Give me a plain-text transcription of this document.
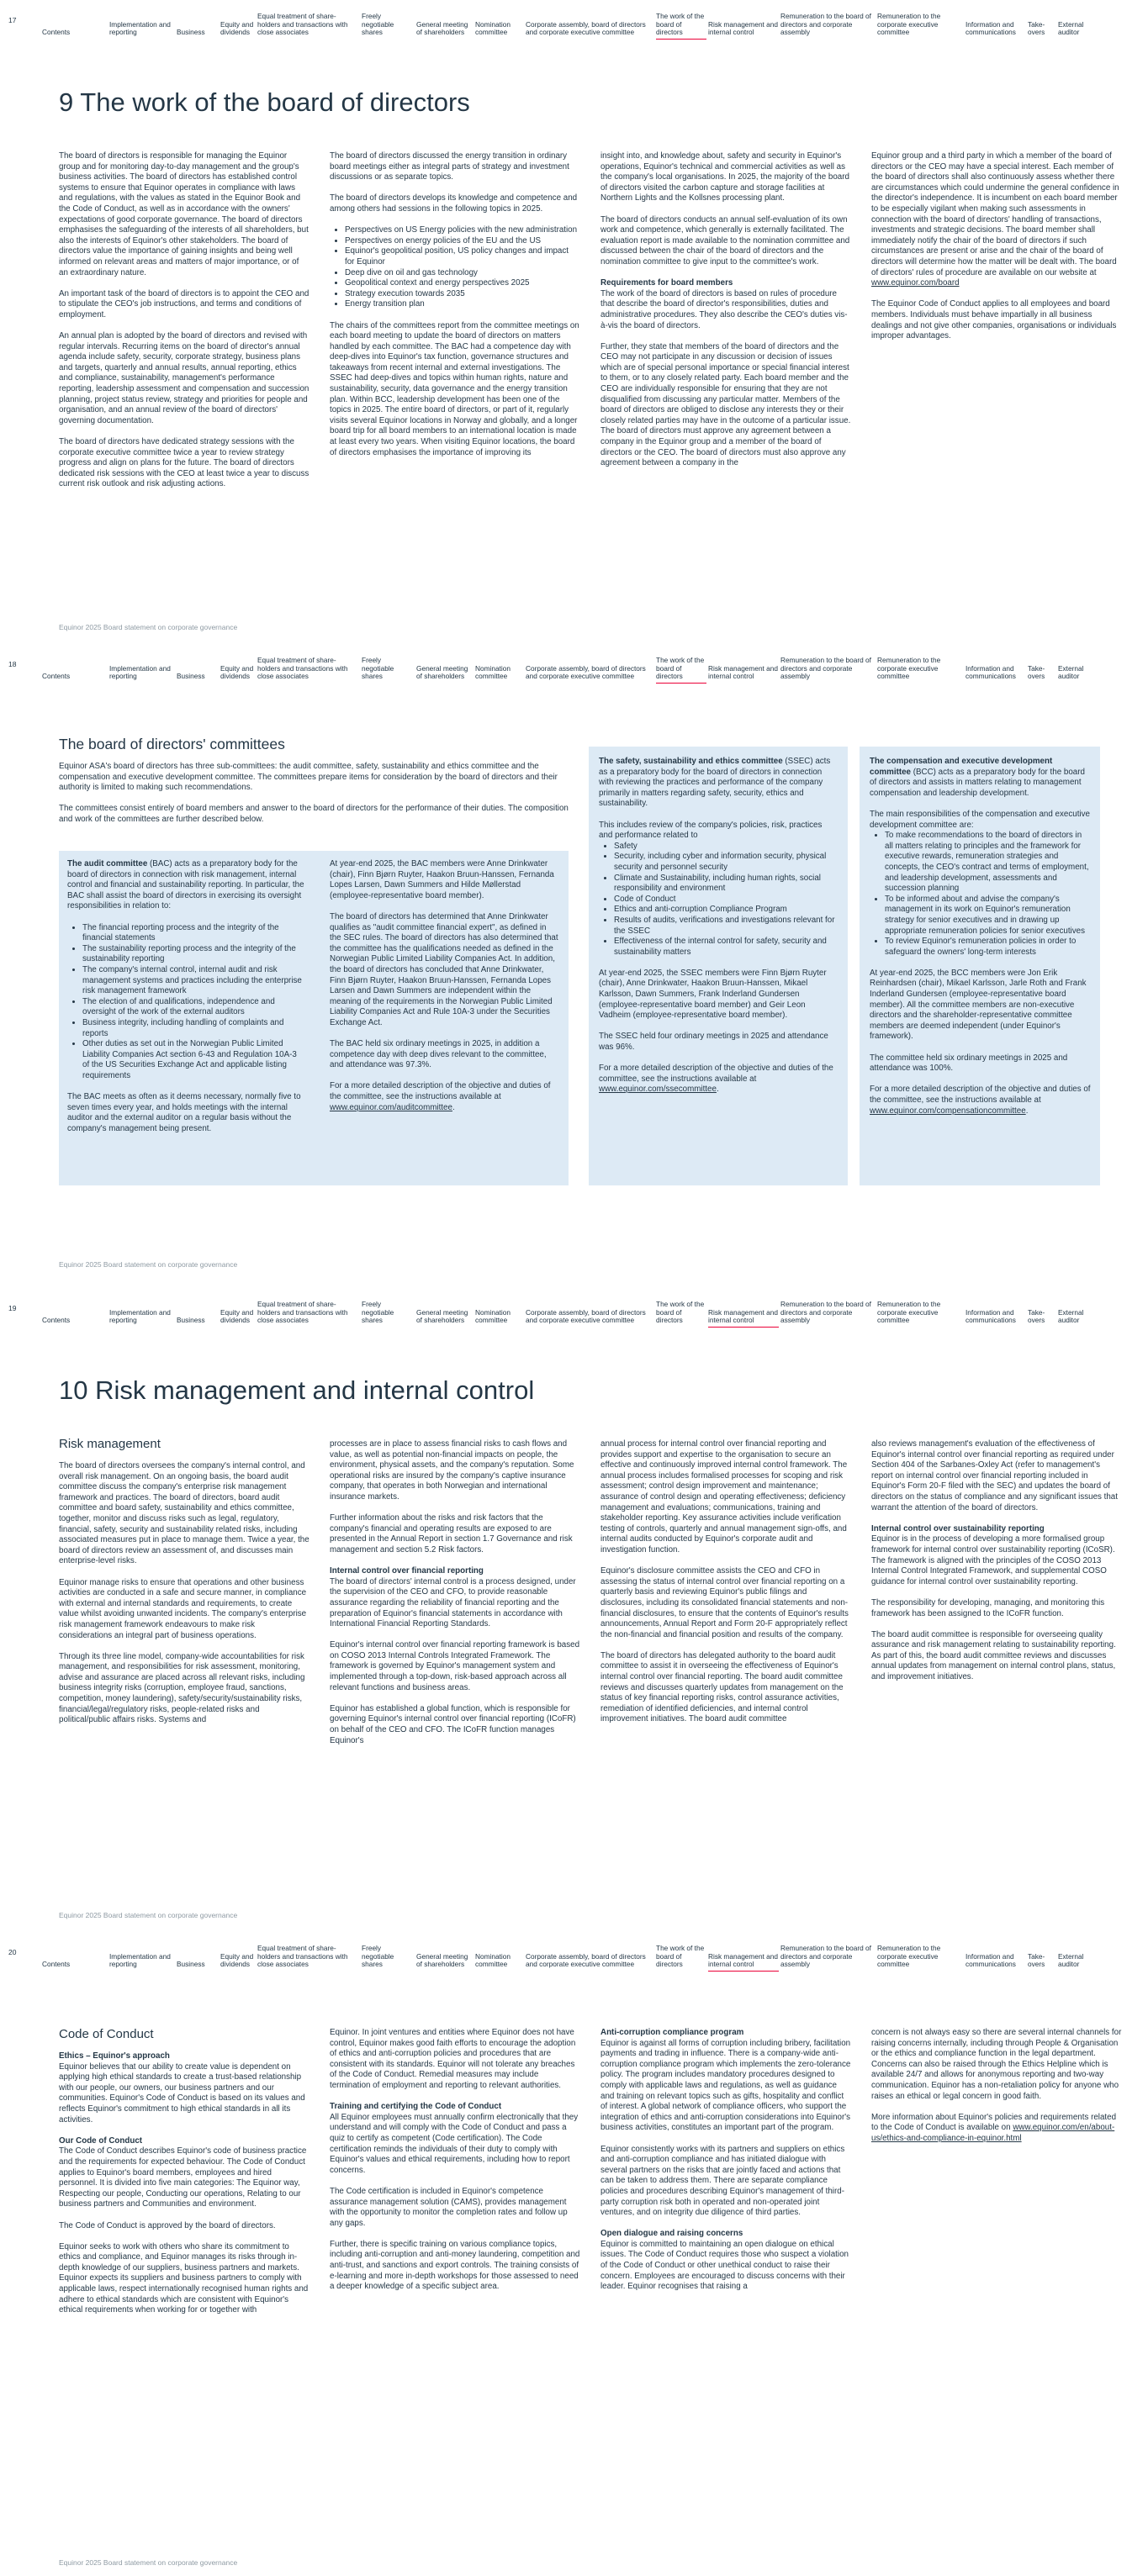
17
Contents
Implementation and reporting	Business
Equity and dividends
Equal treatment of share-holders and transactions with close associates
Freely negotiable shares
General meeting of shareholders
Nomination committee
Corporate assembly, board of directors and corporate executive committee
The work of the board of directors
Risk management and internal control
Remuneration to the board of directors and corporate assembly
Remuneration to the corporate executive committee
Information and communications
Take-overs
External auditor
9 The work of the board of directors

The board of directors is responsible for managing the Equinor group and for monitoring day-to-day management and the group's business activities. The board of directors has established control systems to ensure that Equinor operates in compliance with laws and regulations, with the values as stated in the Equinor Book and the Code of Conduct, as well as in accordance with the owners' expectations of good corporate governance. The board of directors emphasises the safeguarding of the interests of all shareholders, but also the interests of Equinor's other stakeholders. The board of directors value the importance of gaining insights and being well informed on relevant areas and matters of major importance, or of an extraordinary nature.

An important task of the board of directors is to appoint the CEO and to stipulate the CEO's job instructions, and terms and conditions of employment.

An annual plan is adopted by the board of directors and revised with regular intervals. Recurring items on the board of director's annual agenda include safety, security, corporate strategy, business plans and targets, quarterly and annual results, annual reporting, ethics and compliance, sustainability, management's performance reporting, leadership assessment and compensation and succession planning, project status review, strategy and priorities for people and organisation, and an annual review of the board of directors' governing documentation.

The board of directors have dedicated strategy sessions with the corporate executive committee twice a year to review strategy progress and align on plans for the future. The board of directors dedicated risk sessions with the CEO at least twice a year to discuss current risk outlook and risk adjusting actions.

The board of directors discussed the energy transition in ordinary board meetings either as integral parts of strategy and investment discussions or as separate topics.

The board of directors develops its knowledge and competence and among others had sessions in the following topics in 2025.

• Perspectives on US Energy policies with the new administration
• Perspectives on energy policies of the EU and the US
• Equinor's geopolitical position, US policy changes and impact for Equinor
• Deep dive on oil and gas technology
• Geopolitical context and energy perspectives 2025
• Strategy execution towards 2035
• Energy transition plan

The chairs of the committees report from the committee meetings on each board meeting to update the board of directors on matters handled by each committee. The BAC had a competence day with deep-dives into Equinor's tax function, governance structures and takeaways from recent internal and external investigations. The SSEC had deep-dives and topics within human rights, nature and sustainability, security, data governance and the energy transition plan. Within BCC, leadership development has been one of the topics in 2025. The entire board of directors, or part of it, regularly visits several Equinor locations in Norway and globally, and a longer board trip for all board members to an international location is made at least every two years. When visiting Equinor locations, the board of directors emphasises the importance of improving its

insight into, and knowledge about, safety and security in Equinor's operations, Equinor's technical and commercial activities as well as the company's local organisations. In 2025, the majority of the board of directors visited the carbon capture and storage facilities at Northern Lights and the Kollsnes processing plant.

The board of directors conducts an annual self-evaluation of its own work and competence, which generally is externally facilitated. The evaluation report is made available to the nomination committee and discussed between the chair of the board of directors and the nomination committee to give input to the committee's work.

Requirements for board members

The work of the board of directors is based on rules of procedure that describe the board of director's responsibilities, duties and administrative procedures. They also describe the CEO's duties vis-à-vis the board of directors.

Further, they state that members of the board of directors and the CEO may not participate in any discussion or decision of issues which are of special personal importance or special financial interest to them, or to any closely related party. Each board member and the CEO are individually responsible for ensuring that they are not disqualified from discussing any particular matter. Members of the board of directors are obliged to disclose any interests they or their closely related parties may have in the outcome of a particular issue. The board of directors must approve any agreement between a company in the Equinor group and a member of the board of directors or the CEO. The board of directors must also approve any agreement between a company in the

Equinor group and a third party in which a member of the board of directors or the CEO may have a special interest. Each member of the board of directors shall also continuously assess whether there are circumstances which could undermine the general confidence in the director's independence. It is incumbent on each board member to be especially vigilant when making such assessments in connection with the board of directors' handling of transactions, investments and strategic decisions. The board member shall immediately notify the chair of the board of directors if such circumstances are present or arise and the chair of the board of directors will determine how the matter will be dealt with. The board of directors' rules of procedure are available on our website at www.equinor.com/board

The Equinor Code of Conduct applies to all employees and board members. Individuals must behave impartially in all business dealings and not give other companies, organisations or individuals improper advantages.

Equinor 2025 Board statement on corporate governance
18
Contents
Implementation and reporting	Business
Equity and dividends
Equal treatment of share-holders and transactions with close associates
Freely negotiable shares
General meeting of shareholders
Nomination committee
Corporate assembly, board of directors and corporate executive committee
The work of the board of directors
Risk management and internal control
Remuneration to the board of directors and corporate assembly
Remuneration to the corporate executive committee
Information and communications
Take-overs
External auditor
The board of directors' committees

Equinor ASA's board of directors has three sub-committees: the audit committee, safety, sustainability and ethics committee and the compensation and executive development committee. The committees prepare items for consideration by the board of directors and their authority is limited to making such recommendations.

The committees consist entirely of board members and answer to the board of directors for the performance of their duties. The composition and work of the committees are further described below.

The audit committee (BAC) acts as a preparatory body for the board of directors in connection with risk management, internal control and financial and sustainability reporting. In particular, the BAC shall assist the board of directors in exercising its oversight responsibilities in relation to:

• The financial reporting process and the integrity of the financial statements
• The sustainability reporting process and the integrity of the sustainability reporting
• The company's internal control, internal audit and risk management systems and practices including the enterprise risk management framework
• The election of and qualifications, independence and oversight of the work of the external auditors
• Business integrity, including handling of complaints and reports
• Other duties as set out in the Norwegian Public Limited Liability Companies Act section 6-43 and Regulation 10A-3 of the US Securities Exchange Act and applicable listing requirements

The BAC meets as often as it deems necessary, normally five to seven times every year, and holds meetings with the internal auditor and the external auditor on a regular basis without the company's management being present.

At year-end 2025, the BAC members were Anne Drinkwater (chair), Finn Bjørn Ruyter, Haakon Bruun-Hanssen, Fernanda Lopes Larsen, Dawn Summers and Hilde Møllerstad (employee-representative board member).

The board of directors has determined that Anne Drinkwater qualifies as "audit committee financial expert", as defined in the SEC rules. The board of directors has also determined that the committee has the qualifications needed as defined in the Norwegian Public Limited Liability Companies Act. In addition, the board of directors has concluded that Anne Drinkwater, Finn Bjørn Ruyter, Haakon Bruun-Hanssen, Fernanda Lopes Larsen and Dawn Summers are independent within the meaning of the requirements in the Norwegian Public Limited Liability Companies Act and Rule 10A-3 under the Securities Exchange Act.

The BAC held six ordinary meetings in 2025, in addition a competence day with deep dives relevant to the committee, and attendance was 97.3%.

For a more detailed description of the objective and duties of the committee, see the instructions available at www.equinor.com/auditcommittee.

The safety, sustainability and ethics committee (SSEC) acts as a preparatory body for the board of directors in connection with reviewing the practices and performance of the company primarily in matters regarding safety, security, ethics and sustainability.

This includes review of the company's policies, risk, practices and performance related to

• Safety
• Security, including cyber and information security, physical security and personnel security
• Climate and Sustainability, including human rights, social responsibility and environment
• Code of Conduct
• Ethics and anti-corruption Compliance Program
• Results of audits, verifications and investigations relevant for the SSEC
• Effectiveness of the internal control for safety, security and sustainability matters

At year-end 2025, the SSEC members were Finn Bjørn Ruyter (chair), Anne Drinkwater, Haakon Bruun-Hanssen, Mikael Karlsson, Dawn Summers, Frank Inderland Gundersen (employee-representative board member) and Geir Leon Vadheim (employee-representative board member).

The SSEC held four ordinary meetings in 2025 and attendance was 96%.

For a more detailed description of the objective and duties of the committee, see the instructions available at www.equinor.com/ssecommittee.

The compensation and executive development committee (BCC) acts as a preparatory body for the board of directors and assists in matters relating to management compensation and leadership development.

The main responsibilities of the compensation and executive development committee are:

• To make recommendations to the board of directors in all matters relating to principles and the framework for executive rewards, remuneration strategies and concepts, the CEO's contract and terms of employment, and leadership development, assessments and succession planning
• To be informed about and advise the company's management in its work on Equinor's remuneration strategy for senior executives and in drawing up appropriate remuneration policies for senior executives
• To review Equinor's remuneration policies in order to safeguard the owners' long-term interests

At year-end 2025, the BCC members were Jon Erik Reinhardsen (chair), Mikael Karlsson, Jarle Roth and Frank Inderland Gundersen (employee-representative board member). All the committee members are non-executive directors and the shareholder-representative committee members are deemed independent (under Equinor's framework).

The committee held six ordinary meetings in 2025 and attendance was 100%.

For a more detailed description of the objective and duties of the committee, see the instructions available at www.equinor.com/compensationcommittee.

Equinor 2025 Board statement on corporate governance
19
Contents
Implementation and reporting	Business
Equity and dividends
Equal treatment of share-holders and transactions with close associates
Freely negotiable shares
General meeting of shareholders
Nomination committee
Corporate assembly, board of directors and corporate executive committee
The work of the board of directors
Risk management and internal control
Remuneration to the board of directors and corporate assembly
Remuneration to the corporate executive committee
Information and communications
Take-overs
External auditor
10 Risk management and internal control
Risk management

The board of directors oversees the company's internal control, and overall risk management. On an ongoing basis, the board audit committee discuss the company's enterprise risk management framework and practices. The board of directors, board audit committee and board safety, sustainability and ethics committee, together, monitor and discuss risks such as legal, regulatory, financial, safety, security and sustainability related risks, including associated measures put in place to manage them. Twice a year, the board of directors review an assessment of, and discusses main enterprise-level risks.

Equinor manage risks to ensure that operations and other business activities are conducted in a safe and secure manner, in compliance with external and internal standards and requirements, to create value whilst avoiding unwanted incidents. The company's enterprise risk management framework endeavours to make risk considerations an integral part of business operations.

Through its three line model, company-wide accountabilities for risk management, and responsibilities for risk assessment, monitoring, advise and assurance are placed across all relevant risks, including business integrity risks (corruption, employee fraud, sanctions, competition, money laundering), safety/security/sustainability risks, financial/legal/regulatory risks, people-related risks and political/public affairs risks. Systems and

processes are in place to assess financial risks to cash flows and value, as well as potential non-financial impacts on people, the environment, physical assets, and the company's reputation. Some operational risks are insured by the company's captive insurance company, that operates in both Norwegian and international insurance markets.

Further information about the risks and risk factors that the company's financial and operating results are exposed to are presented in the Annual Report in section 1.7 Governance and risk management and section 5.2 Risk factors.

Internal control over financial reporting

The board of directors' internal control is a process designed, under the supervision of the CEO and CFO, to provide reasonable assurance regarding the reliability of financial reporting and the preparation of Equinor's financial statements in accordance with International Financial Reporting Standards.

Equinor's internal control over financial reporting framework is based on COSO 2013 Internal Controls Integrated Framework. The framework is governed by Equinor's management system and implemented through a top-down, risk-based approach across all relevant functions and business areas.

Equinor has established a global function, which is responsible for governing Equinor's internal control over financial reporting (ICoFR) on behalf of the CEO and CFO. The ICoFR function manages Equinor's

annual process for internal control over financial reporting and provides support and expertise to the organisation to secure an effective and continuously improved internal control framework. The annual process includes formalised processes for scoping and risk assessment; control design improvement and maintenance; assurance of control design and operating effectiveness; deficiency management and evaluations; communications, training and stakeholder reporting. Key assurance activities include verification testing of controls, quarterly and annual management sign-offs, and internal audits conducted by Equinor's corporate audit and investigation function.

Equinor's disclosure committee assists the CEO and CFO in assessing the status of internal control over financial reporting on a quarterly basis and reviewing Equinor's public filings and disclosures, including its consolidated financial statements and non-financial disclosures, to ensure that the contents of Equinor's results announcements, Annual Report and Form 20-F appropriately reflect the non-financial and financial position and results of the company.

The board of directors has delegated authority to the board audit committee to assist it in overseeing the effectiveness of Equinor's internal control over financial reporting. The board audit committee reviews and discusses quarterly updates from management on the status of key financial reporting risks, control assurance activities, remediation of identified deficiencies, and internal control improvement initiatives. The board audit committee

also reviews management's evaluation of the effectiveness of Equinor's internal control over financial reporting as required under Section 404 of the Sarbanes-Oxley Act (refer to management's report on internal control over financial reporting included in Equinor's Form 20-F filed with the SEC) and updates the board of directors on the status of compliance and any significant issues that warrant the attention of the board of directors.

Internal control over sustainability reporting

Equinor is in the process of developing a more formalised group framework for internal control over sustainability reporting (ICoSR). The framework is aligned with the principles of the COSO 2013 Internal Control Integrated Framework, and supplemental COSO guidance for internal control over sustainability reporting.

The responsibility for developing, managing, and monitoring this framework has been assigned to the ICoFR function.

The board audit committee is responsible for overseeing quality assurance and risk management relating to sustainability reporting. As part of this, the board audit committee reviews and discusses annual updates from management on internal control plans, status, and improvement initiatives.

Equinor 2025 Board statement on corporate governance
20
Contents
Implementation and reporting	Business
Equity and dividends
Equal treatment of share-holders and transactions with close associates
Freely negotiable shares
General meeting of shareholders
Nomination committee
Corporate assembly, board of directors and corporate executive committee
The work of the board of directors
Risk management and internal control
Remuneration to the board of directors and corporate assembly
Remuneration to the corporate executive committee
Information and communications
Take-overs
External auditor
Code of Conduct
Ethics – Equinor's approach

Equinor believes that our ability to create value is dependent on applying high ethical standards to create a trust-based relationship with our people, our owners, our business partners and our communities. Equinor's Code of Conduct is based on its values and reflects Equinor's commitment to high ethical standards in all its activities.

Our Code of Conduct

The Code of Conduct describes Equinor's code of business practice and the requirements for expected behaviour. The Code of Conduct applies to Equinor's board members, employees and hired personnel. It is divided into five main categories: The Equinor way, Respecting our people, Conducting our operations, Relating to our business partners and Communities and environment.

The Code of Conduct is approved by the board of directors.

Equinor seeks to work with others who share its commitment to ethics and compliance, and Equinor manages its risks through in-depth knowledge of our suppliers, business partners and markets. Equinor expects its suppliers and business partners to comply with applicable laws, respect internationally recognised human rights and adhere to ethical standards which are consistent with Equinor's ethical requirements when working for or together with

Equinor. In joint ventures and entities where Equinor does not have control, Equinor makes good faith efforts to encourage the adoption of ethics and anti-corruption policies and procedures that are consistent with its standards. Equinor will not tolerate any breaches of the Code of Conduct. Remedial measures may include termination of employment and reporting to relevant authorities.

Training and certifying the Code of Conduct

All Equinor employees must annually confirm electronically that they understand and will comply with the Code of Conduct and pass a quiz to certify as competent (Code certification). The Code certification reminds the individuals of their duty to comply with Equinor's values and ethical requirements, including how to report concerns.

The Code certification is included in Equinor's competence assurance management solution (CAMS), provides management with the opportunity to monitor the completion rates and follow up any gaps.

Further, there is specific training on various compliance topics, including anti-corruption and anti-money laundering, competition and anti-trust, and sanctions and export controls. The training consists of e-learning and more in-depth workshops for those assessed to need a deeper knowledge of a specific subject area.

Anti-corruption compliance program

Equinor is against all forms of corruption including bribery, facilitation payments and trading in influence. There is a company-wide anti-corruption compliance program which implements the zero-tolerance policy. The program includes mandatory procedures designed to comply with applicable laws and regulations, as well as guidance and training on relevant topics such as gifts, hospitality and conflict of interest. A global network of compliance officers, who support the integration of ethics and anti-corruption considerations into Equinor's business activities, constitutes an important part of the program.

Equinor consistently works with its partners and suppliers on ethics and anti-corruption compliance and has initiated dialogue with several partners on the risks that are jointly faced and actions that can be taken to address them. There are separate compliance policies and procedures describing Equinor's management of third-party corruption risk both in operated and non-operated joint ventures, and on integrity due diligence of third parties.

Open dialogue and raising concerns

Equinor is committed to maintaining an open dialogue on ethical issues. The Code of Conduct requires those who suspect a violation of the Code of Conduct or other unethical conduct to raise their concern. Employees are encouraged to discuss concerns with their leader. Equinor recognises that raising a

concern is not always easy so there are several internal channels for raising concerns internally, including through People & Organisation or the ethics and compliance function in the legal department. Concerns can also be raised through the Ethics Helpline which is available 24/7 and allows for anonymous reporting and two-way communication. Equinor has a non-retaliation policy for anyone who raises an ethical or legal concern in good faith.

More information about Equinor's policies and requirements related to the Code of Conduct is available on www.equinor.com/en/about-us/ethics-and-compliance-in-equinor.html

Equinor 2025 Board statement on corporate governance
